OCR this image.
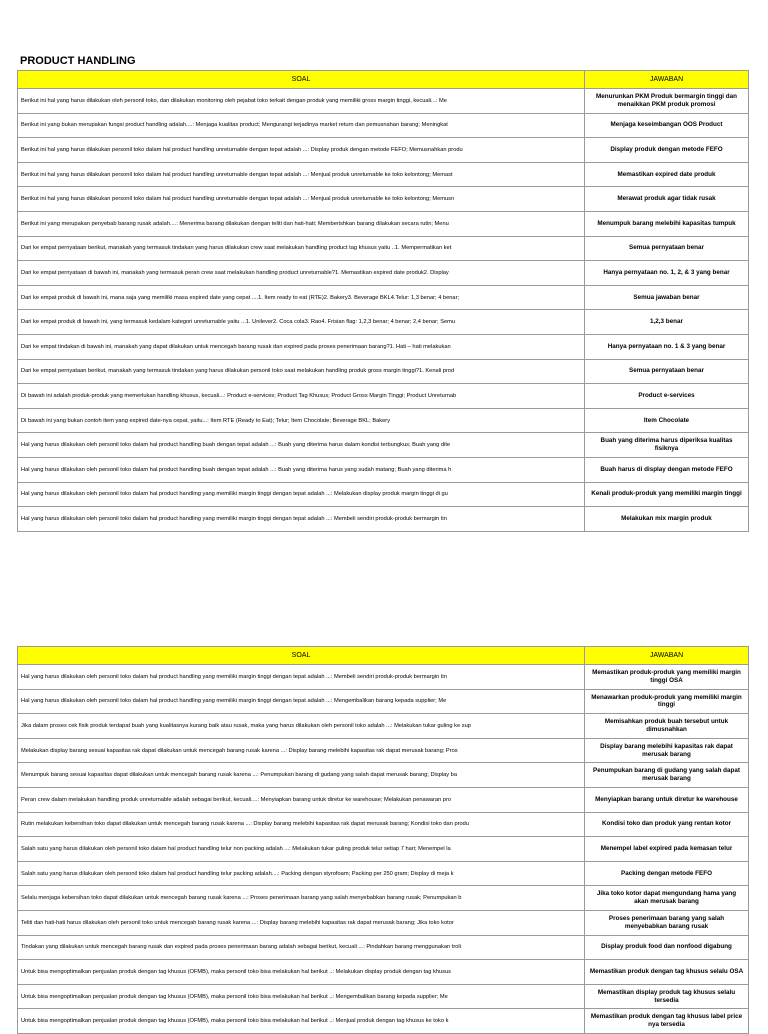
PRODUCT HANDLING
SOAL	JAWABAN
Berikut ini hal yang harus dilakukan oleh personil toko, dan dilakukan monitoring oleh pejabat toko terkait dengan produk yang memiliki gross margin tinggi, kecuali...: Me	Menurunkan PKM Produk bermargin tinggi dan menaikkan PKM produk promosi
Berikut ini yang bukan merupakan fungsi product handling adalah....: Menjaga kualitas product; Mengurangi terjadinya market return dan pemusnahan barang; Meningkat	Menjaga keseimbangan OOS Product
Berikut ini hal yang harus dilakukan personil toko dalam hal product handling unreturnable dengan tepat adalah ...: Display produk dengan metode FEFO; Memusnahkan produ	Display produk dengan metode FEFO
Berikut ini hal yang harus dilakukan personil toko dalam hal product handling unreturnable dengan tepat adalah ...: Menjual produk unreturnable ke toko kelontong; Memast	Memastikan expired date produk
Berikut ini hal yang harus dilakukan personil toko dalam hal product handling unreturnable dengan tepat adalah ...: Menjual produk unreturnable ke toko kelontong; Memusn	Merawat produk agar tidak rusak
Berikut ini yang merupakan penyebab barang rusak adalah....: Menerima barang dilakukan dengan teliti dan hati-hati; Memberishkan barang dilakukan secara rutin; Menu	Menumpuk barang melebihi kapasitas tumpuk
Dari ke empat pernyataan berikut, manakah yang termasuk tindakan yang harus dilakukan crew saat melakukan handling product tag khusus yaitu ..1. Mempermatikan ket	Semua pernyataan benar
Dari ke empat pernyataan di bawah ini, manakah yang termasuk peran crew saat melakukan handling product unreturnable?1. Memastikan expired date produk2. Display	Hanya pernyataan no. 1, 2, & 3 yang benar
Dari ke empat produk di bawah ini, mana saja yang memiliki masa expired date yang cepat ....1. Item ready to eat (RTE)2. Bakery3. Beverage BKL4.Telur: 1,3 benar; 4 benar;	Semua jawaban benar
Dari ke empat produk di bawah ini, yang termasuk kedalam kategori unreturnable yaitu ...1. Unilever2. Coca cola3. Rao4. Frisian flag: 1,2,3 benar; 4 benar; 2,4 benar; Semu	1,2,3 benar
Dari ke empat tindakan di bawah ini, manakah yang dapat dilakukan untuk mencegah barang rusak dan expired pada proses penerimaan barang?1. Hati – hati melakukan	Hanya pernyataan no. 1 & 3 yang benar
Dari ke empat pernyataan berikut, manakah yang termasuk tindakan yang harus dilakukan personil toko saat melakukan handling produk gross margin tinggi?1. Kenali prod	Semua pernyataan benar
Di bawah ini adalah produk-produk yang memerlukan handling khusus, kecuali...: Product e-services; Product Tag Khusus; Product Gross Margin Tinggi; Product Unreturnab	Product e-services
Di bawah ini yang bukan contoh item yang expired date-nya cepat, yaitu...: Item RTE (Ready to Eat); Telur; Item Chocolate; Beverage BKL; Bakery	Item Chocolate
Hal yang harus dilakukan oleh personil toko dalam hal product handling buah dengan tepat adalah ...: Buah yang diterima harus dalam kondisi terbungkus; Buah yang dite	Buah yang diterima harus diperiksa kualitas fisiknya
Hal yang harus dilakukan oleh personil toko dalam hal product handling buah dengan tepat adalah ...: Buah yang diterima harus yang sudah matang; Buah yang diterima h	Buah harus di display dengan metode FEFO
Hal yang harus dilakukan oleh personil toko dalam hal product handling yang memiliki margin tinggi dengan tepat adalah ...: Melakukan display produk margin tinggi di gu	Kenali produk-produk yang memiliki margin tinggi
Hal yang harus dilakukan oleh personil toko dalam hal product handling yang memiliki margin tinggi dengan tepat adalah ...: Membeli sendiri produk-produk bermargin tin	Melakukan mix margin produk
SOAL	JAWABAN
Hal yang harus dilakukan oleh personil toko dalam hal product handling yang memiliki margin tinggi dengan tepat adalah ...: Membeli sendiri produk-produk bermargin tin	Memastikan produk-produk yang memiliki margin tinggi OSA
Hal yang harus dilakukan oleh personil toko dalam hal product handling yang memiliki margin tinggi dengan tepat adalah ...: Mengembalikan barang kepada supplier; Me	Menawarkan produk-produk yang memiliki margin tinggi
Jika dalam proses cek fisik produk terdapat buah yang kualitasnya kurang baik atau rusak, maka yang harus dilakukan oleh personil toko adalah ...: Melakukan tukar guling ke sup	Memisahkan produk buah tersebut untuk dimusnahkan
Melakukan display barang sesuai kapasitas rak dapat dilakukan untuk mencegah barang rusak karena ...: Display barang melebihi kapasitas rak dapat merusak barang; Pros	Display barang melebihi kapasitas rak dapat merusak barang
Menumpuk barang sesuai kapasitas dapat dilakukan untuk mencegah barang rusak karena ...: Penumpukan barang di gudang yang salah dapat merusak barang; Display ba	Penumpukan barang di gudang yang salah dapat merusak barang
Peran crew dalam melakukan handling produk unreturnable adalah sebagai berikut, kecuali....: Menyiapkan barang untuk diretur ke warehouse; Melakukan penawaran pro	Menyiapkan barang untuk diretur ke warehouse
Rutin melakukan kebersihan toko dapat dilakukan untuk mencegah barang rusak karena ...: Display barang melebihi kapasitas rak dapat merusak barang; Kondisi toko dan produ	Kondisi toko dan produk yang rentan kotor
Salah satu yang harus dilakukan oleh personil toko dalam hal product handling telur non packing adalah ...: Melakukan tukar guling produk telur setiap 7 hari; Menempel la	Menempel label expired pada kemasan telur
Salah satu yang harus dilakukan oleh personil toko dalam hal product handling telur packing adalah....: Packing dengan styrofoam; Packing per 250 gram; Display di meja k	Packing dengan metode FEFO
Selalu menjaga kebersihan toko dapat dilakukan untuk mencegah barang rusak karena ...: Proses penerimaan barang yang salah menyebabkan barang rusak; Penumpukan b	Jika toko kotor dapat mengundang hama yang akan merusak barang
Teliti dan hati-hati harus dilakukan oleh personil toko untuk mencegah barang rusak karena ...: Display barang melebihi kapasitas rak dapat merusak barang; Jika toko kotor	Proses penerimaan barang yang salah menyebabkan barang rusak
Tindakan yang dilakukan untuk mencegah barang rusak dan expired pada proses penerimaan barang adalah sebagai berikut, kecuali ...: Pindahkan barang menggunakan troli	Display produk food dan nonfood digabung
Untuk bisa mengoptimalkan penjualan produk dengan tag khusus (OFMB), maka personil toko bisa melakukan hal berikut ..: Melakukan display produk dengan tag khusus	Memastikan produk dengan tag khusus selalu OSA
Untuk bisa mengoptimalkan penjualan produk dengan tag khusus (OFMB), maka personil toko bisa melakukan hal berikut ..: Mengembalikan barang kepada supplier; Me	Memastikan display produk tag khusus selalu tersedia
Untuk bisa mengoptimalkan penjualan produk dengan tag khusus (OFMB), maka personil toko bisa melakukan hal berikut ..: Menjual produk dengan tag khusus ke toko k	Memastikan produk dengan tag khusus label price nya tersedia
